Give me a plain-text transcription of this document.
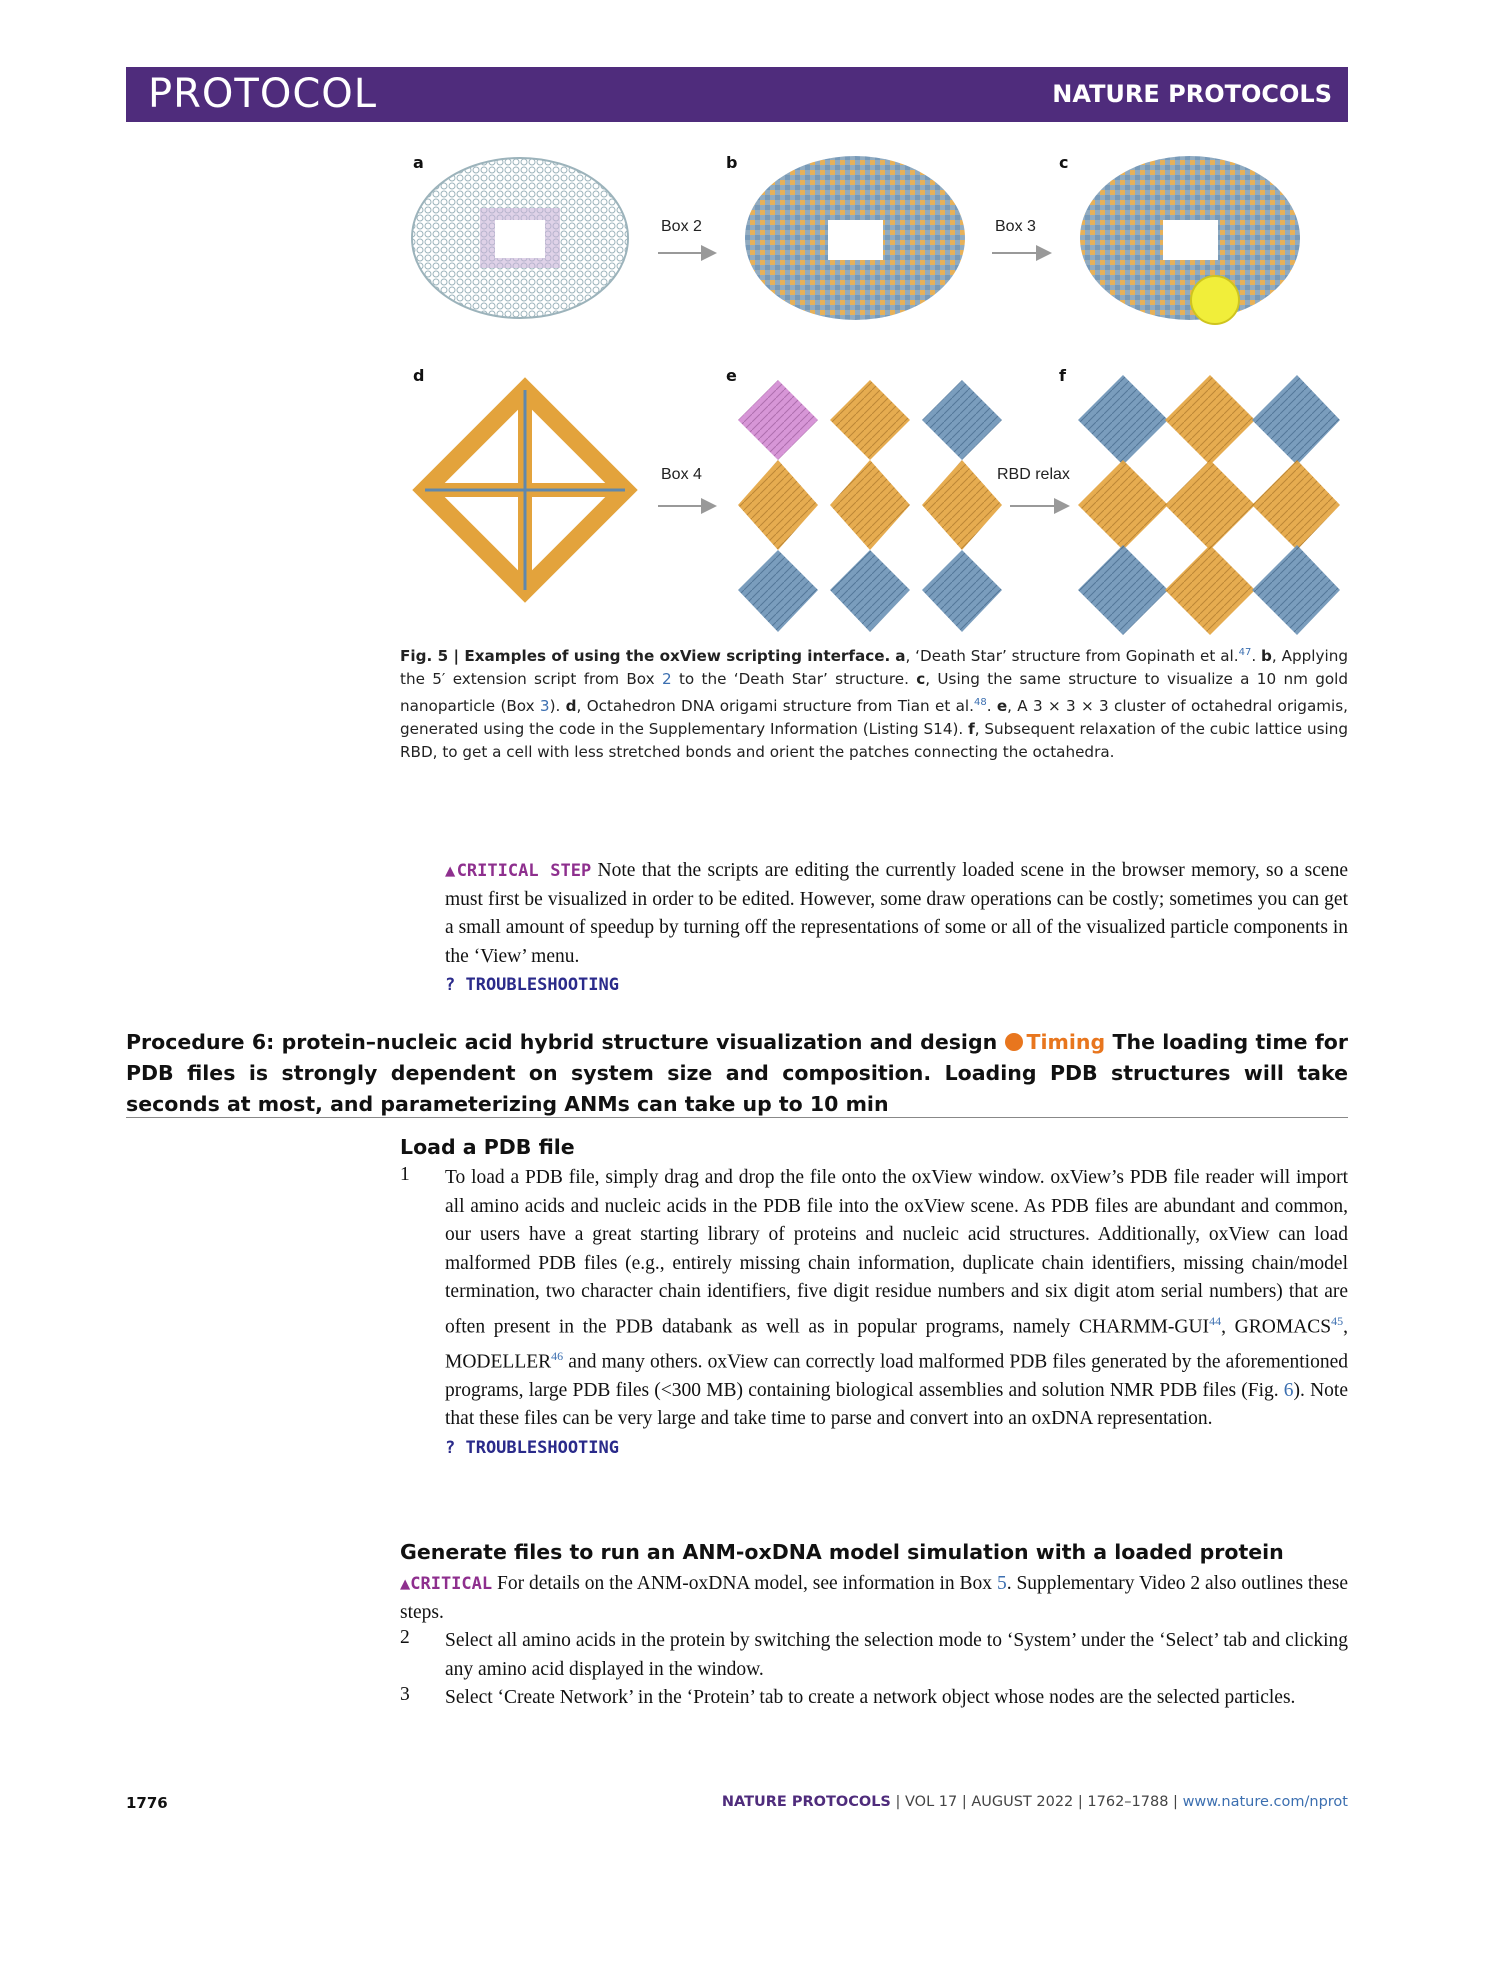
PROTOCOL	NATURE PROTOCOLS
a	b	c
d	e	f
Box 2	Box 3
Box 4	RBD relax
Fig. 5 | Examples of using the oxView scripting interface. a, ‘Death Star’ structure from Gopinath et al.$^{47}$. b, Applying the 5′ extension script from Box 2 to the ‘Death Star’ structure. c, Using the same structure to visualize a 10 nm gold nanoparticle (Box 3). d, Octahedron DNA origami structure from Tian et al.$^{48}$. e, A 3 × 3 × 3 cluster of octahedral origamis, generated using the code in the Supplementary Information (Listing S14). f, Subsequent relaxation of the cubic lattice using RBD, to get a cell with less stretched bonds and orient the patches connecting the octahedra.
▲CRITICAL STEP Note that the scripts are editing the currently loaded scene in the browser memory, so a scene must first be visualized in order to be edited. However, some draw operations can be costly; sometimes you can get a small amount of speedup by turning off the representations of some or all of the visualized particle components in the ‘View’ menu.
? TROUBLESHOOTING
Procedure 6: protein–nucleic acid hybrid structure visualization and design Timing The loading time for PDB files is strongly dependent on system size and composition. Loading PDB structures will take seconds at most, and parameterizing ANMs can take up to 10 min
Load a PDB file
1 To load a PDB file, simply drag and drop the file onto the oxView window. oxView’s PDB file reader will import all amino acids and nucleic acids in the PDB file into the oxView scene. As PDB files are abundant and common, our users have a great starting library of proteins and nucleic acid structures. Additionally, oxView can load malformed PDB files (e.g., entirely missing chain information, duplicate chain identifiers, missing chain/model termination, two character chain identifiers, five digit residue numbers and six digit atom serial numbers) that are often present in the PDB databank as well as in popular programs, namely CHARMM-GUI$^{44}$, GROMACS$^{45}$, MODELLER$^{46}$ and many others. oxView can correctly load malformed PDB files generated by the aforementioned programs, large PDB files (<300 MB) containing biological assemblies and solution NMR PDB files (Fig. 6). Note that these files can be very large and take time to parse and convert into an oxDNA representation.
? TROUBLESHOOTING
Generate files to run an ANM-oxDNA model simulation with a loaded protein
▲CRITICAL For details on the ANM-oxDNA model, see information in Box 5. Supplementary Video 2 also outlines these steps.
2 Select all amino acids in the protein by switching the selection mode to ‘System’ under the ‘Select’ tab and clicking any amino acid displayed in the window.
3 Select ‘Create Network’ in the ‘Protein’ tab to create a network object whose nodes are the selected particles.
1776	NATURE PROTOCOLS | VOL 17 | AUGUST 2022 | 1762–1788 | www.nature.com/nprot
